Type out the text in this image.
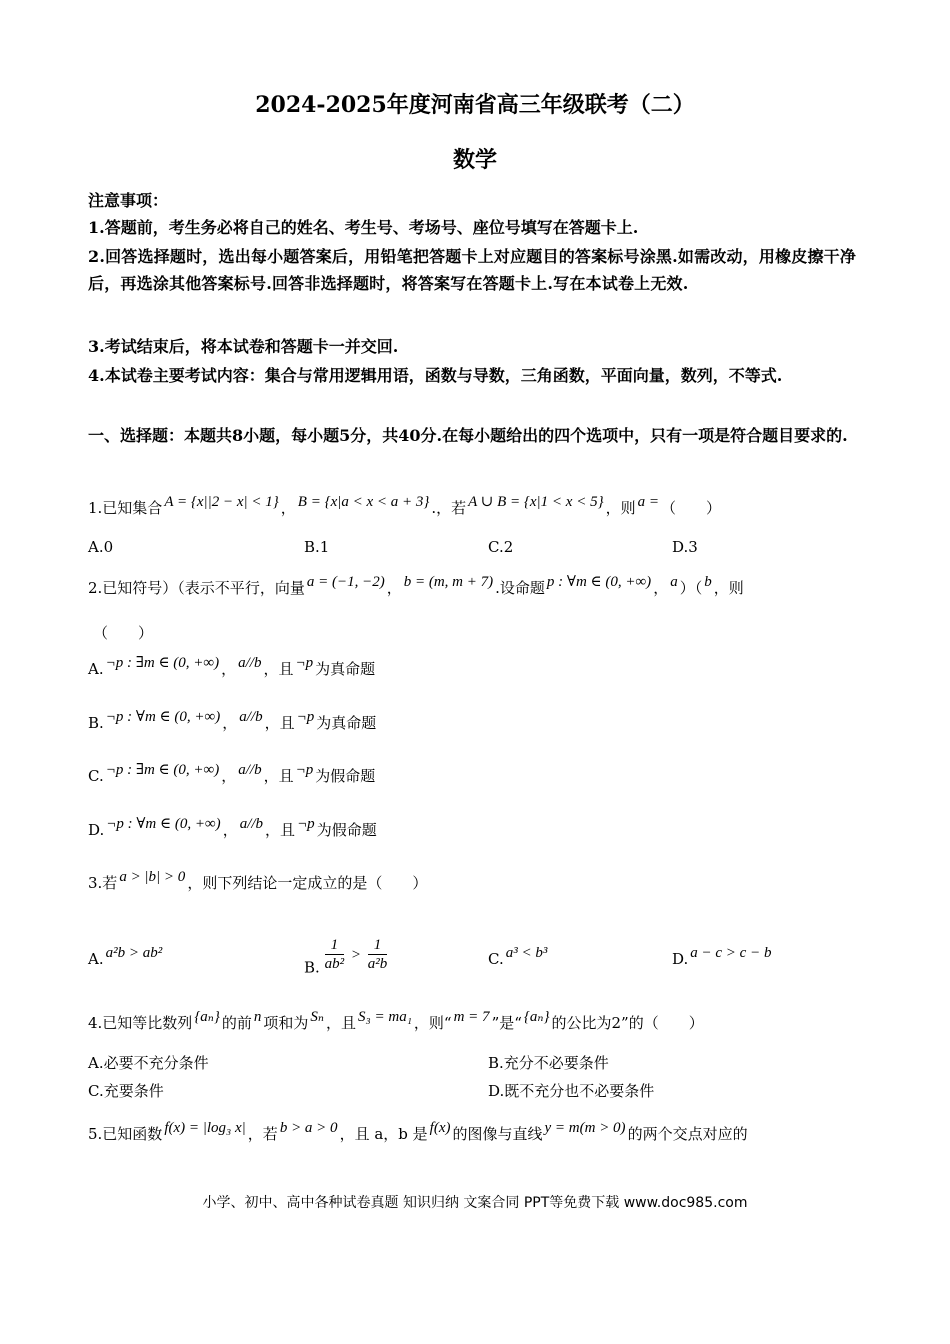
2024-2025年度河南省高三年级联考（二）
数学
注意事项：
1.答题前，考生务必将自己的姓名、考生号、考场号、座位号填写在答题卡上.
2.回答选择题时，选出每小题答案后，用铅笔把答题卡上对应题目的答案标号涂黑.如需改动，用橡皮擦干净后，再选涂其他答案标号.回答非选择题时，将答案写在答题卡上.写在本试卷上无效.
3.考试结束后，将本试卷和答题卡一并交回.
4.本试卷主要考试内容：集合与常用逻辑用语，函数与导数，三角函数，平面向量，数列，不等式.
一、选择题：本题共8小题，每小题5分，共40分.在每小题给出的四个选项中，只有一项是符合题目要求的.
1.已知集合 A = {x||2 − x| < 1} ， B = {x|a < x < a + 3} .，若 A ∪ B = {x|1 < x < 5} ，则 a = （　　）
A.0	B.1	C.2	D.3
2.已知符号）（表示不平行，向量 a = (−1, −2) ， b = (m, m + 7) .设命题 p : ∀m ∈ (0, +∞) ， a ）（ b ，则
（　　）
A. ¬p : ∃m ∈ (0, +∞) ， a//b ，且 ¬p 为真命题
B. ¬p : ∀m ∈ (0, +∞) ， a//b ，且 ¬p 为真命题
C. ¬p : ∃m ∈ (0, +∞) ， a//b ，且 ¬p 为假命题
D. ¬p : ∀m ∈ (0, +∞) ， a//b ，且 ¬p 为假命题
3.若 a > |b| > 0 ，则下列结论一定成立的是（　　）
A. a²b > ab²
B. $\frac{1}{\text{ab²}} > \frac{1}{\text{a²b}}$	C. a³ < b³	D. a − c > c − b
4.已知等比数列 {aₙ} 的前 n 项和为 Sₙ ，且 S₃ = ma₁ ，则“ m = 7 ”是“ {aₙ} 的公比为2”的（　　）
A.必要不充分条件	B.充分不必要条件
C.充要条件	D.既不充分也不必要条件
5.已知函数 f(x) = |log₃ x| ，若 b > a > 0 ，且 a，b 是 f(x) 的图像与直线 y = m(m > 0) 的两个交点对应的
小学、初中、高中各种试卷真题 知识归纳 文案合同 PPT等免费下载 www.doc985.com
